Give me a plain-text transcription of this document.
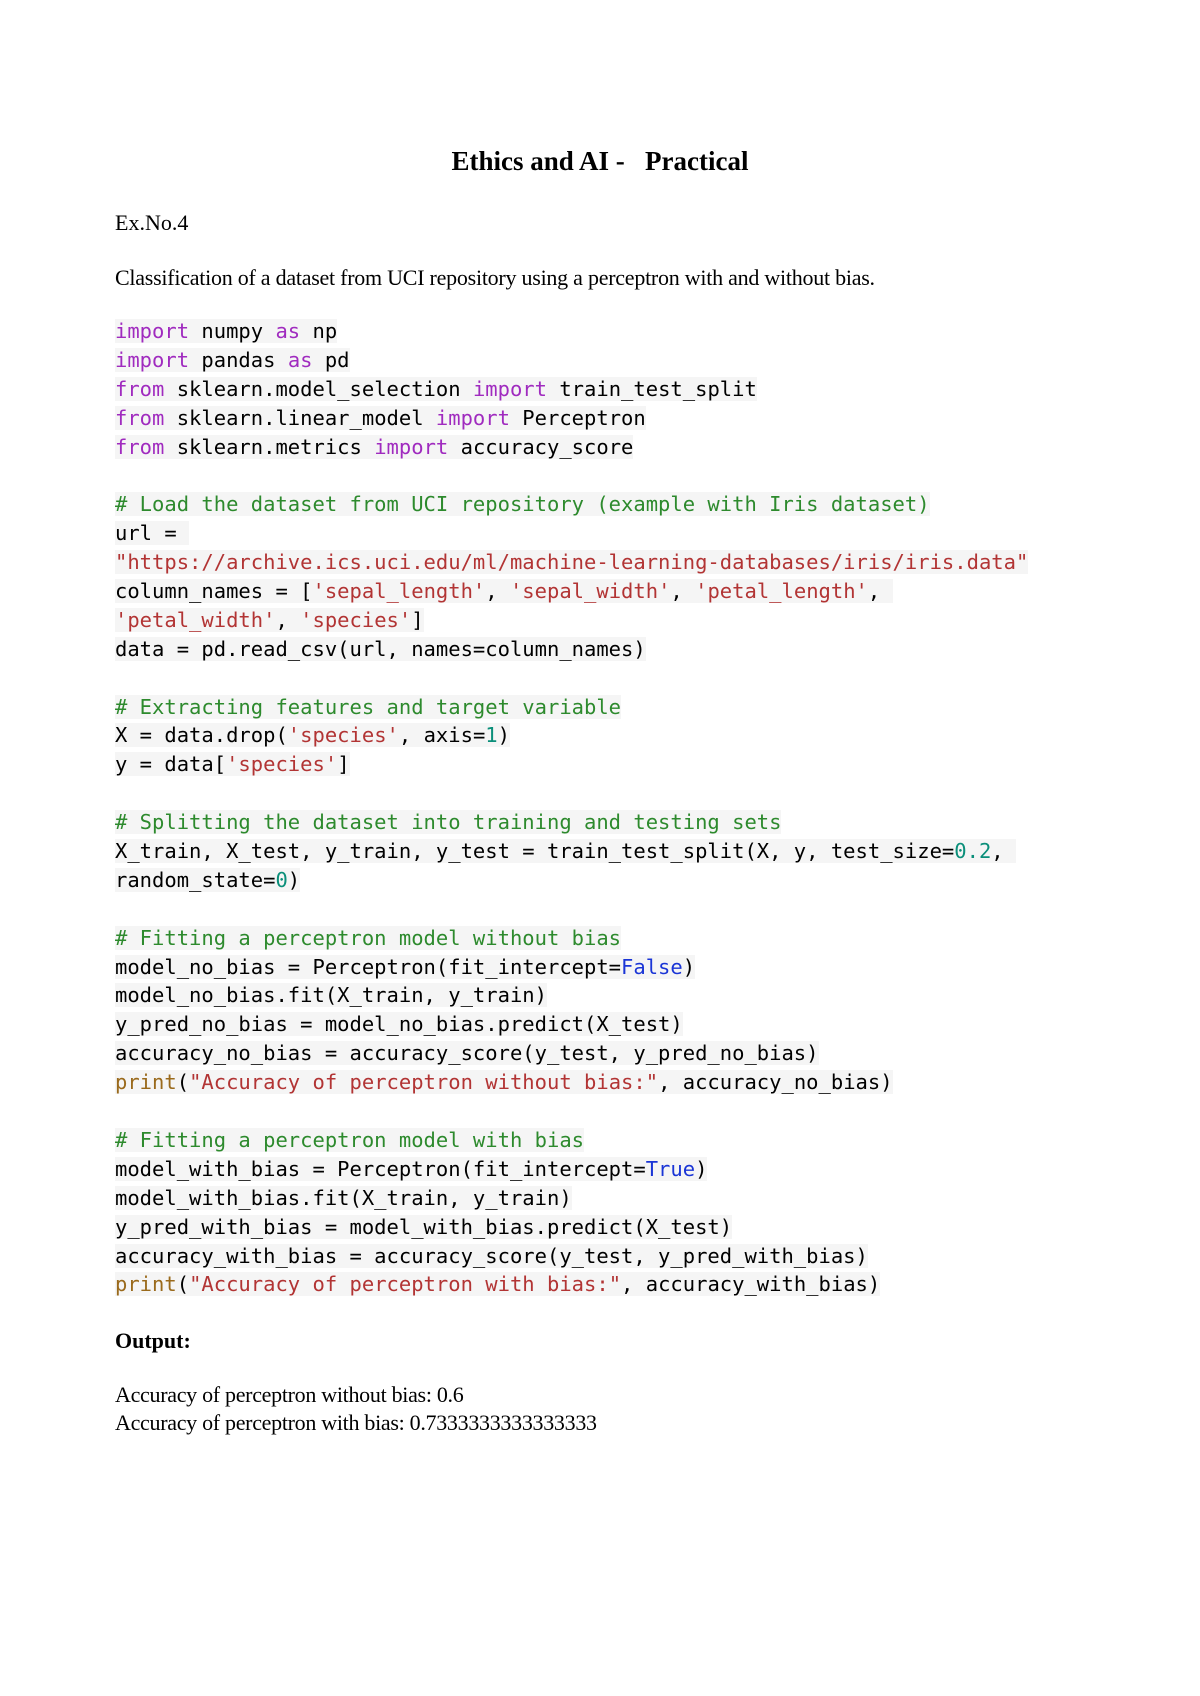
Ethics and AI -   Practical
Ex.No.4
Classification of a dataset from UCI repository using a perceptron with and without bias.
import numpy as np
import pandas as pd
from sklearn.model_selection import train_test_split
from sklearn.linear_model import Perceptron
from sklearn.metrics import accuracy_score
# Load the dataset from UCI repository (example with Iris dataset)
url =
"https://archive.ics.uci.edu/ml/machine-learning-databases/iris/iris.data"
column_names = ['sepal_length', 'sepal_width', 'petal_length',
'petal_width', 'species']
data = pd.read_csv(url, names=column_names)
# Extracting features and target variable
X = data.drop('species', axis=1)
y = data['species']
# Splitting the dataset into training and testing sets
X_train, X_test, y_train, y_test = train_test_split(X, y, test_size=0.2,
random_state=0)
# Fitting a perceptron model without bias
model_no_bias = Perceptron(fit_intercept=False)
model_no_bias.fit(X_train, y_train)
y_pred_no_bias = model_no_bias.predict(X_test)
accuracy_no_bias = accuracy_score(y_test, y_pred_no_bias)
print("Accuracy of perceptron without bias:", accuracy_no_bias)
# Fitting a perceptron model with bias
model_with_bias = Perceptron(fit_intercept=True)
model_with_bias.fit(X_train, y_train)
y_pred_with_bias = model_with_bias.predict(X_test)
accuracy_with_bias = accuracy_score(y_test, y_pred_with_bias)
print("Accuracy of perceptron with bias:", accuracy_with_bias)
Output:
Accuracy of perceptron without bias: 0.6
Accuracy of perceptron with bias: 0.7333333333333333
